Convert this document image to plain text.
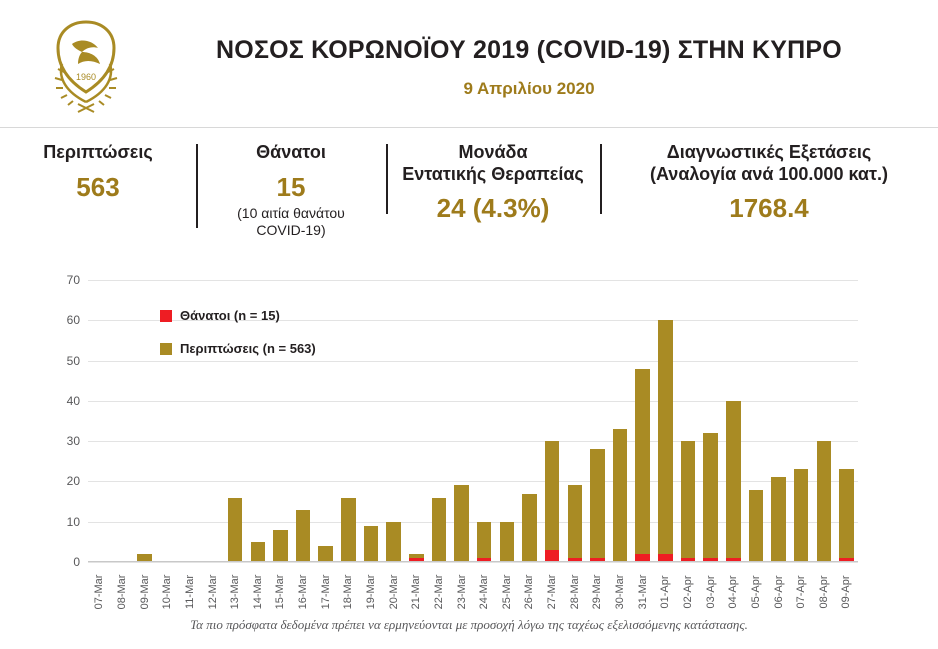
1960
ΝΟΣΟΣ ΚΟΡΩΝΟΪΟΥ 2019 (COVID-19) ΣΤΗΝ ΚΥΠΡΟ
9 Απριλίου 2020
Περιπτώσεις
563
Θάνατοι
15
(10 αιτία θανάτου
COVID-19)
Μονάδα
Εντατικής Θεραπείας
24 (4.3%)
Διαγνωστικές Εξετάσεις
(Αναλογία ανά 100.000 κατ.)
1768.4
0
10
20
30
40
50
60
70
07-Mar 08-Mar 09-Mar 10-Mar 11-Mar 12-Mar 13-Mar 14-Mar 15-Mar 16-Mar 17-Mar 18-Mar 19-Mar 20-Mar 21-Mar 22-Mar 23-Mar 24-Mar 25-Mar 26-Mar 27-Mar 28-Mar 29-Mar 30-Mar 31-Mar 01-Apr 02-Apr 03-Apr 04-Apr 05-Apr 06-Apr 07-Apr 08-Apr 09-Apr
Θάνατοι (n = 15)
Περιπτώσεις (n = 563)
Τα πιο πρόσφατα δεδομένα πρέπει να ερμηνεύονται με προσοχή λόγω της ταχέως εξελισσόμενης κατάστασης.
